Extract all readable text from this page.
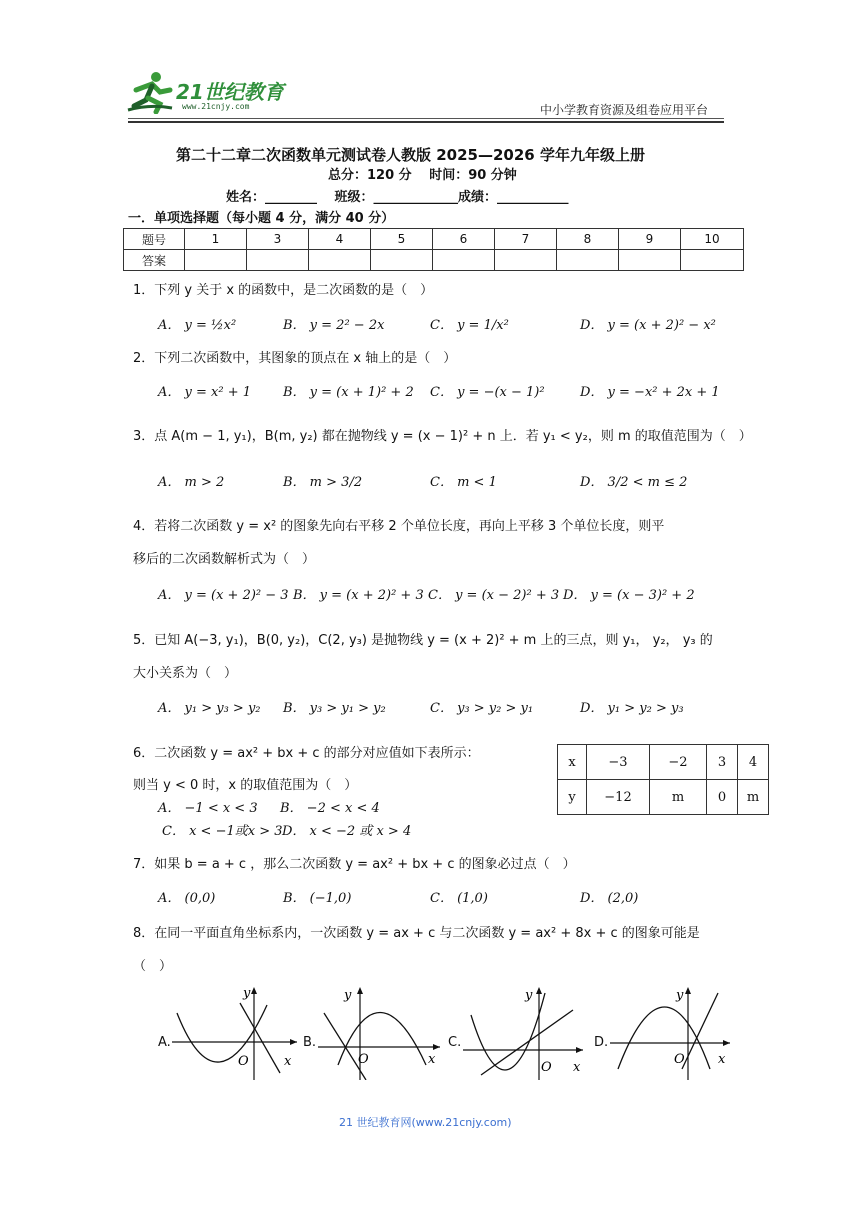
21世纪教育
www.21cnjy.com	中小学教育资源及组卷应用平台
第二十二章二次函数单元测试卷人教版 2025—2026 学年九年级上册
总分：120 分　 时间：90 分钟
姓名：________　 班级：_____________成绩：___________
一．单项选择题（每小题 4 分，满分 40 分）
题号	1	3	4	5	6	7	8	9	10
答案									
1．下列 y 关于 x 的函数中，是二次函数的是（　）
A． y = ½x²	B． y = 2² − 2x	C． y = 1/x²	D． y = (x + 2)² − x²
2．下列二次函数中，其图象的顶点在 x 轴上的是（　）
A． y = x² + 1 B． y = (x + 1)² + 2 C． y = −(x − 1)²	D． y = −x² + 2x + 1
3．点 A(m − 1, y₁)，B(m, y₂) 都在抛物线 y = (x − 1)² + n 上．若 y₁ < y₂，则 m 的取值范围为（　）
A． m > 2	B． m > 3/2	C． m < 1	D． 3/2 < m ≤ 2
4．若将二次函数 y = x² 的图象先向右平移 2 个单位长度，再向上平移 3 个单位长度，则平
移后的二次函数解析式为（　）
A． y = (x + 2)² − 3 B． y = (x + 2)² + 3 C． y = (x − 2)² + 3 D． y = (x − 3)² + 2
5．已知 A(−3, y₁)，B(0, y₂)，C(2, y₃) 是抛物线 y = (x + 2)² + m 上的三点，则 y₁， y₂， y₃ 的
大小关系为（　）
A． y₁ > y₃ > y₂ B． y₃ > y₁ > y₂	C． y₃ > y₂ > y₁	D． y₁ > y₂ > y₃
6．二次函数 y = ax² + bx + c 的部分对应值如下表所示：
则当 y < 0 时，x 的取值范围为（　）
A． −1 < x < 3 B． −2 < x < 4
C． x < −1或x > 3 D． x < −2 或 x > 4
x	−3	−2	3	4
y	−12	m	0	m
7．如果 b = a + c ，那么二次函数 y = ax² + bx + c 的图象必过点（　）
A． (0,0)	B． (−1,0)	C． (1,0)	D． (2,0)
8．在同一平面直角坐标系内，一次函数 y = ax + c 与二次函数 y = ax² + 8x + c 的图象可能是
（　）
A.
y
x
O
B.
y
x
O
C.
y
x
O
D.
y
x
O
21 世纪教育网(www.21cnjy.com)
